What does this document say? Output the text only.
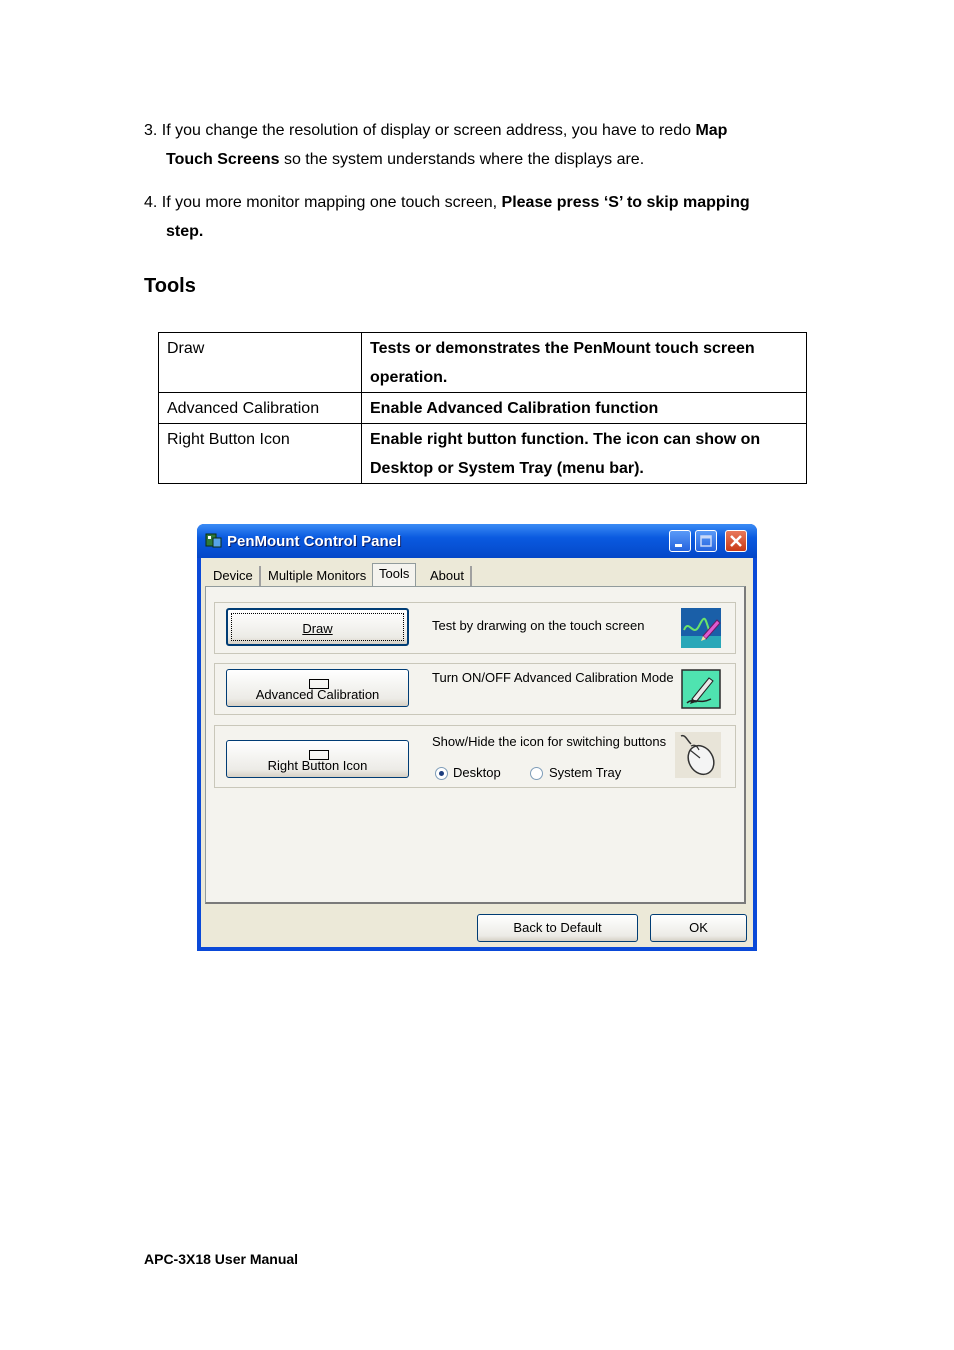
3. If you change the resolution of display or screen address, you have to redo Map
Touch Screens so the system understands where the displays are.
4. If you more monitor mapping one touch screen, Please press ‘S’ to skip mapping
step.
Tools
Draw	Tests or demonstrates the PenMount touch screen operation.
Advanced Calibration	Enable Advanced Calibration function
Right Button Icon	Enable right button function. The icon can show on Desktop or System Tray (menu bar).
PenMount Control Panel
Device	Multiple Monitors Tools	About
Draw	Test by drarwing on the touch screen
Advanced Calibration
Turn ON/OFF Advanced Calibration Mode
Right Button Icon
Show/Hide the icon for switching buttons
Desktop	System Tray
Back to Default	OK
APC-3X18 User Manual
